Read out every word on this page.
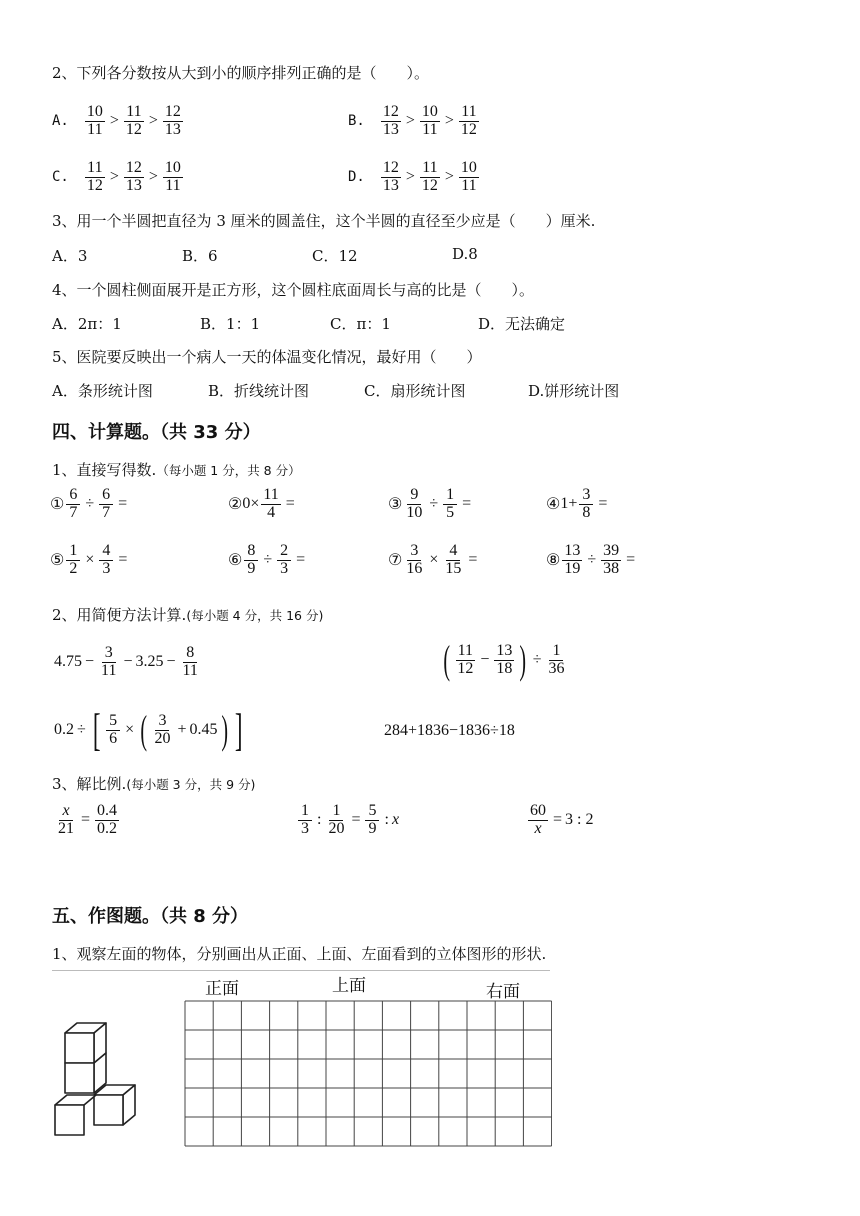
2、下列各分数按从大到小的顺序排列正确的是（　　）。
A. $\frac{10}{11} > \frac{11}{12} > \frac{12}{13}$	B. $\frac{12}{13} > \frac{10}{11} > \frac{11}{12}$
C. $\frac{11}{12} > \frac{12}{13} > \frac{10}{11}$	D. $\frac{12}{13} > \frac{11}{12} > \frac{10}{11}$
3、用一个半圆把直径为 3 厘米的圆盖住，这个半圆的直径至少应是（　　）厘米.
A．3	B．6	C．12	D.8
4、一个圆柱侧面展开是正方形，这个圆柱底面周长与高的比是（　　）。
A．2π：1	B．1：1	C．π：1	D．无法确定
5、医院要反映出一个病人一天的体温变化情况，最好用（　　）
A．条形统计图	B．折线统计图	C．扇形统计图	D.饼形统计图
四、计算题。（共 33 分）
1、直接写得数.（每小题 1 分，共 8 分）
① $\frac{6}{7} \div \frac{6}{7}$ =	② $0\times \frac{11}{4}$ =	③ $\frac{9}{10} \div \frac{1}{5}$ =	④ $1+ \frac{3}{8}$ =
⑤ $\frac{1}{2} \times \frac{4}{3}$ =	⑥ $\frac{8}{9} \div \frac{2}{3}$ =	⑦ $\frac{3}{16} \times \frac{4}{15}$ =	⑧ $\frac{13}{19} \div \frac{39}{38}$ =
2、用简便方法计算.(每小题 4 分，共 16 分)
$4.75 - \frac{3}{11} - 3.25 - \frac{8}{11}$	( $\frac{11}{12} - \frac{13}{18}$ ) ÷ $\frac{1}{36}$
0.2 ÷ [ $\frac{5}{6}$ × ( $\frac{3}{20} + 0.45$ ) ]	284+1836−1836÷18
3、解比例.(每小题 3 分，共 9 分)
$\frac{x}{21} = \frac{0.4}{0.2}$	$\frac{1}{3}$ : $\frac{1}{20} = \frac{5}{9}$ : x	$\frac{60}{x} = 3$ : 2
五、作图题。（共 8 分）
1、观察左面的物体，分别画出从正面、上面、左面看到的立体图形的形状.
正面	上面	右面
